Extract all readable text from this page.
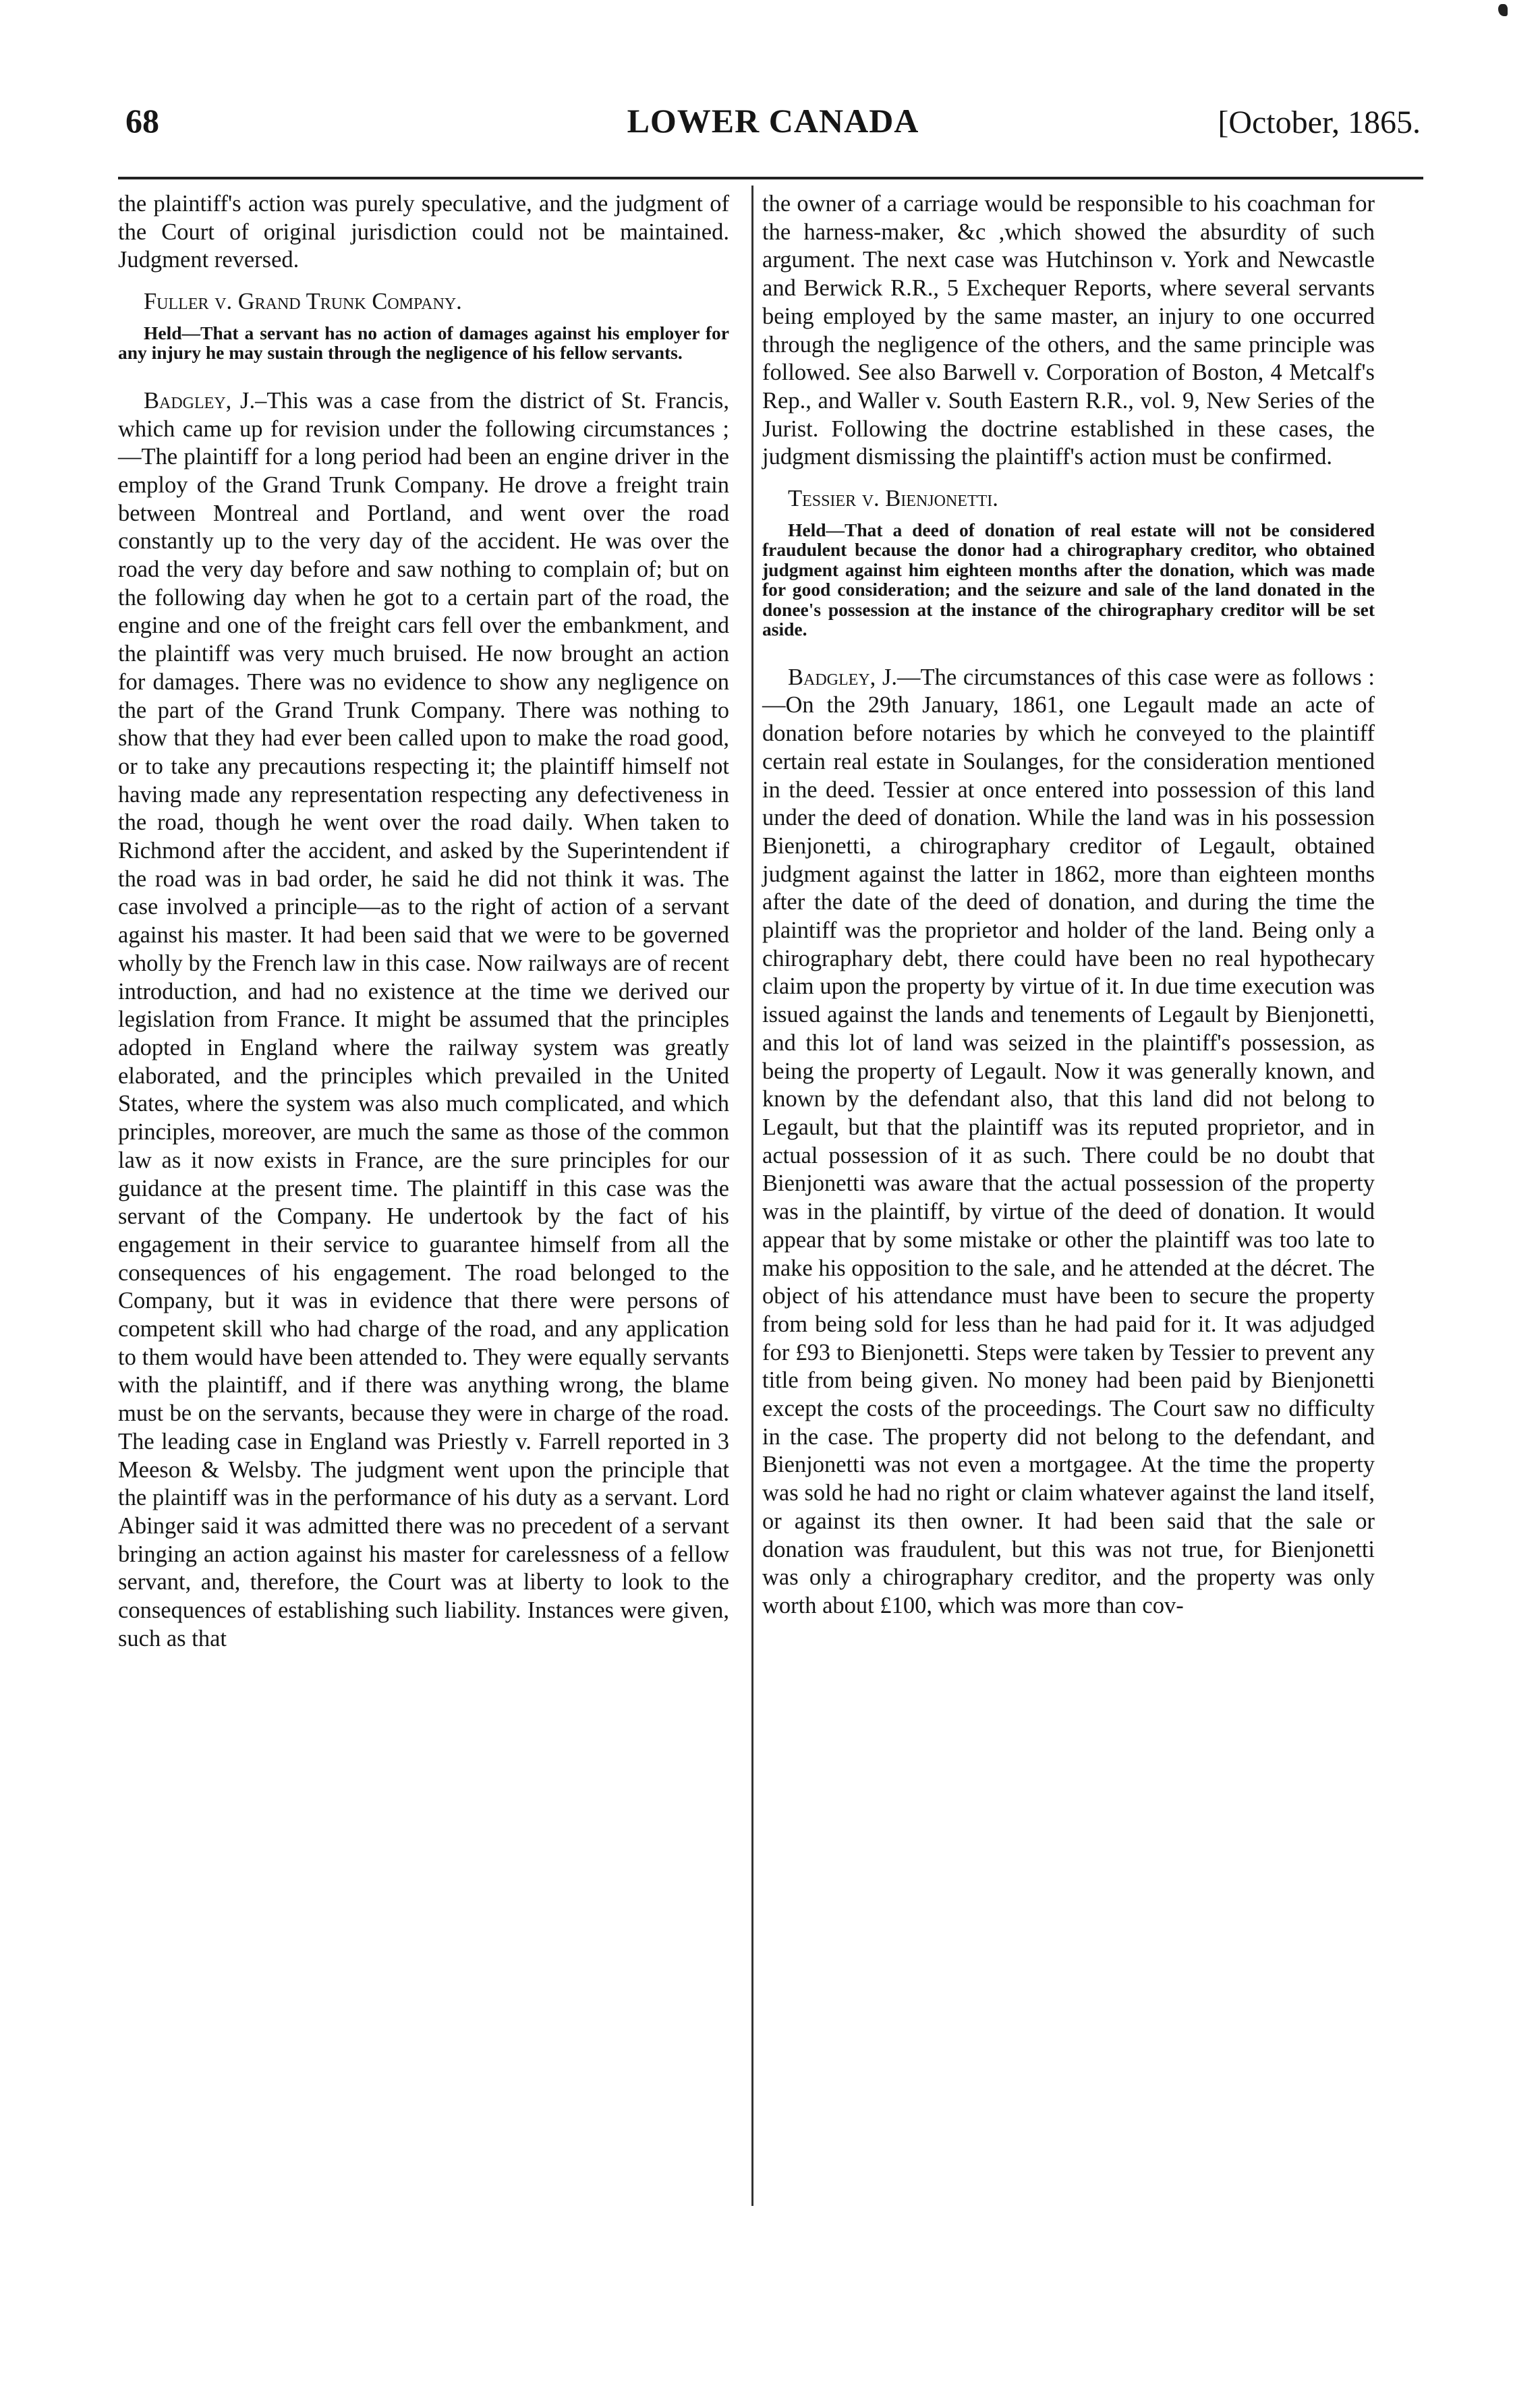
68	LOWER CANADA	[October, 1865.

the plaintiff's action was purely speculative, and the judgment of the Court of original jurisdiction could not be maintained. Judgment reversed.

Fuller v. Grand Trunk Company.

Held—That a servant has no action of damages against his employer for any injury he may sustain through the negligence of his fellow servants.

Badgley, J.–This was a case from the district of St. Francis, which came up for revision under the following circumstances ;—The plaintiff for a long period had been an engine driver in the employ of the Grand Trunk Company. He drove a freight train between Montreal and Portland, and went over the road constantly up to the very day of the accident. He was over the road the very day before and saw nothing to complain of; but on the following day when he got to a certain part of the road, the engine and one of the freight cars fell over the embankment, and the plaintiff was very much bruised. He now brought an action for damages. There was no evidence to show any negligence on the part of the Grand Trunk Company. There was nothing to show that they had ever been called upon to make the road good, or to take any precautions respecting it; the plaintiff himself not having made any representation respecting any defectiveness in the road, though he went over the road daily. When taken to Richmond after the accident, and asked by the Superintendent if the road was in bad order, he said he did not think it was. The case involved a principle—as to the right of action of a servant against his master. It had been said that we were to be governed wholly by the French law in this case. Now railways are of recent introduction, and had no existence at the time we derived our legislation from France. It might be assumed that the principles adopted in England where the railway system was greatly elaborated, and the principles which prevailed in the United States, where the system was also much complicated, and which principles, moreover, are much the same as those of the common law as it now exists in France, are the sure principles for our guidance at the present time. The plaintiff in this case was the servant of the Company. He undertook by the fact of his engagement in their service to guarantee himself from all the consequences of his engagement. The road belonged to the Company, but it was in evidence that there were persons of competent skill who had charge of the road, and any application to them would have been attended to. They were equally servants with the plaintiff, and if there was anything wrong, the blame must be on the servants, because they were in charge of the road. The leading case in England was Priestly v. Farrell reported in 3 Meeson & Welsby. The judgment went upon the principle that the plaintiff was in the performance of his duty as a servant. Lord Abinger said it was admitted there was no precedent of a servant bringing an action against his master for carelessness of a fellow servant, and, therefore, the Court was at liberty to look to the consequences of establishing such liability. Instances were given, such as that

the owner of a carriage would be responsible to his coachman for the harness-maker, &c ,which showed the absurdity of such argument. The next case was Hutchinson v. York and Newcastle and Berwick R.R., 5 Exchequer Reports, where several servants being employed by the same master, an injury to one occurred through the negligence of the others, and the same principle was followed. See also Barwell v. Corporation of Boston, 4 Metcalf's Rep., and Waller v. South Eastern R.R., vol. 9, New Series of the Jurist. Following the doctrine established in these cases, the judgment dismissing the plaintiff's action must be confirmed.

Tessier v. Bienjonetti.

Held—That a deed of donation of real estate will not be considered fraudulent because the donor had a chirographary creditor, who obtained judgment against him eighteen months after the donation, which was made for good consideration; and the seizure and sale of the land donated in the donee's possession at the instance of the chirographary creditor will be set aside.

Badgley, J.—The circumstances of this case were as follows :—On the 29th January, 1861, one Legault made an acte of donation before notaries by which he conveyed to the plaintiff certain real estate in Soulanges, for the consideration mentioned in the deed. Tessier at once entered into possession of this land under the deed of donation. While the land was in his possession Bienjonetti, a chirographary creditor of Legault, obtained judgment against the latter in 1862, more than eighteen months after the date of the deed of donation, and during the time the plaintiff was the proprietor and holder of the land. Being only a chirographary debt, there could have been no real hypothecary claim upon the property by virtue of it. In due time execution was issued against the lands and tenements of Legault by Bienjonetti, and this lot of land was seized in the plaintiff's possession, as being the property of Legault. Now it was generally known, and known by the defendant also, that this land did not belong to Legault, but that the plaintiff was its reputed proprietor, and in actual possession of it as such. There could be no doubt that Bienjonetti was aware that the actual possession of the property was in the plaintiff, by virtue of the deed of donation. It would appear that by some mistake or other the plaintiff was too late to make his opposition to the sale, and he attended at the décret. The object of his attendance must have been to secure the property from being sold for less than he had paid for it. It was adjudged for £93 to Bienjonetti. Steps were taken by Tessier to prevent any title from being given. No money had been paid by Bienjonetti except the costs of the proceedings. The Court saw no difficulty in the case. The property did not belong to the defendant, and Bienjonetti was not even a mortgagee. At the time the property was sold he had no right or claim whatever against the land itself, or against its then owner. It had been said that the sale or donation was fraudulent, but this was not true, for Bienjonetti was only a chirographary creditor, and the property was only worth about £100, which was more than cov-
